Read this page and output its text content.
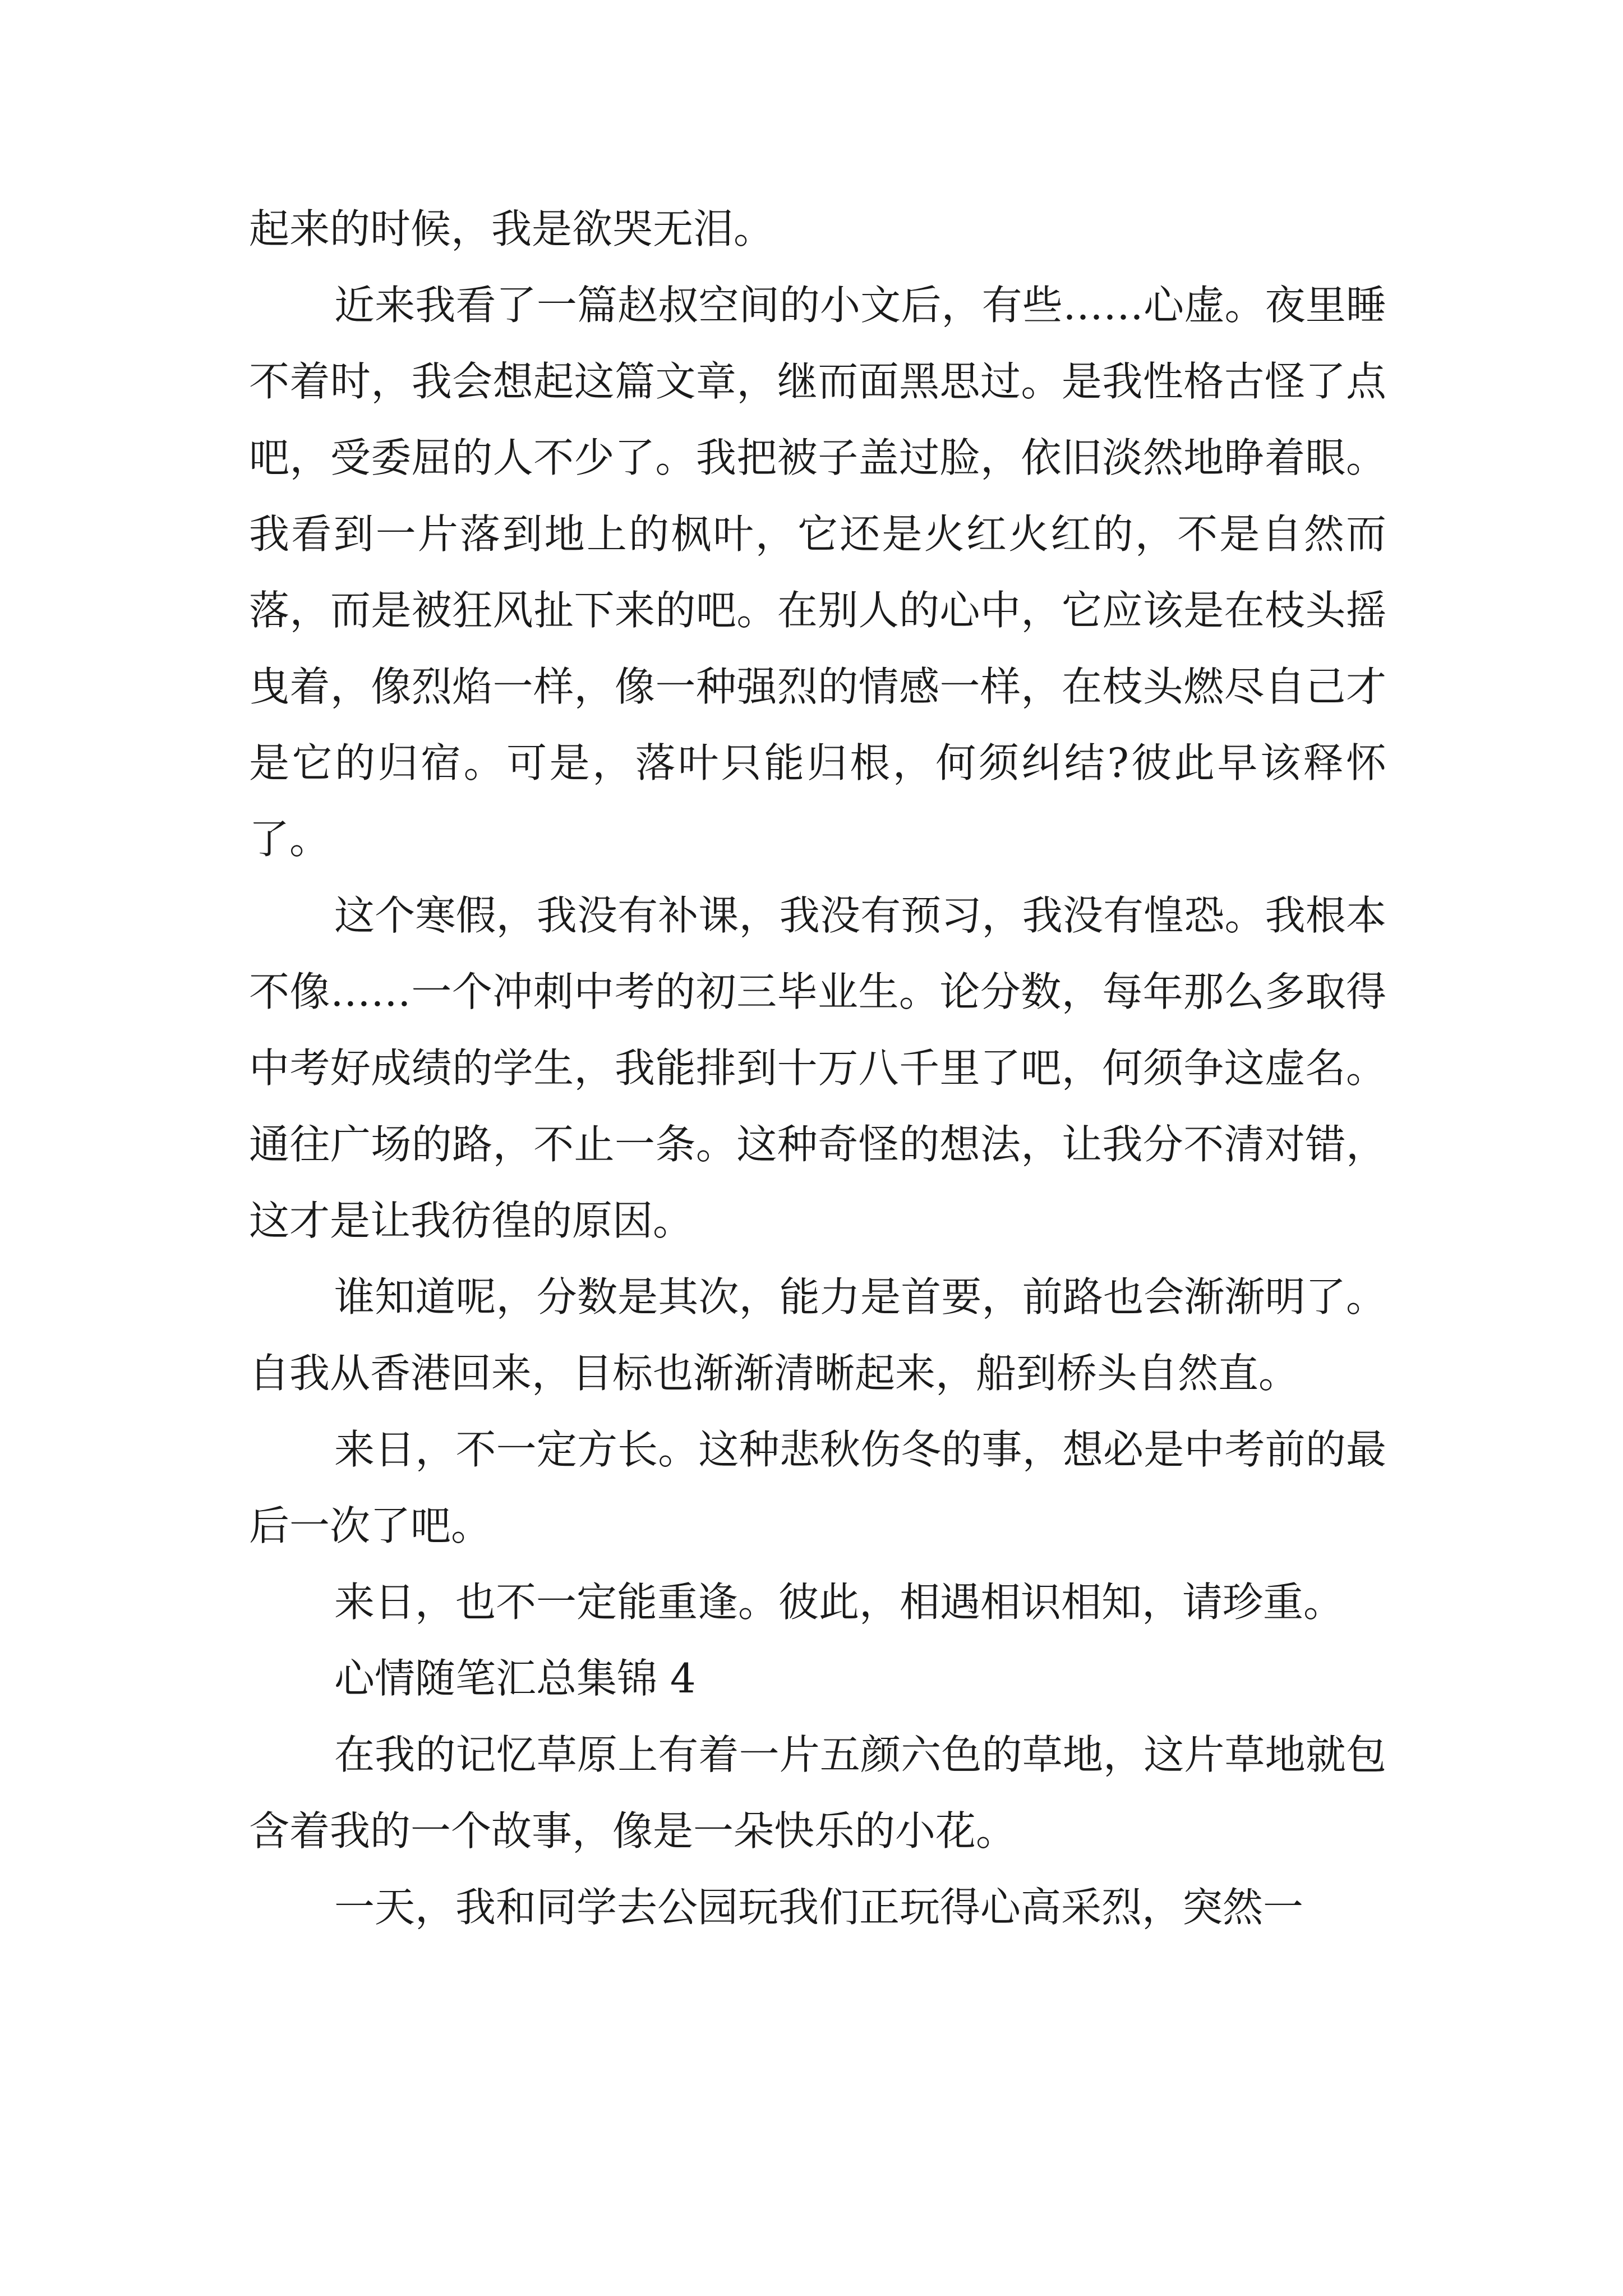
起来的时候，我是欲哭无泪。

近来我看了一篇赵叔空间的小文后，有些……心虚。夜里睡不着时，我会想起这篇文章，继而面黑思过。是我性格古怪了点吧，受委屈的人不少了。我把被子盖过脸，依旧淡然地睁着眼。我看到一片落到地上的枫叶，它还是火红火红的，不是自然而落，而是被狂风扯下来的吧。在别人的心中，它应该是在枝头摇曳着，像烈焰一样，像一种强烈的情感一样，在枝头燃尽自己才是它的归宿。可是，落叶只能归根，何须纠结?彼此早该释怀了。

这个寒假，我没有补课，我没有预习，我没有惶恐。我根本不像……一个冲刺中考的初三毕业生。论分数，每年那么多取得中考好成绩的学生，我能排到十万八千里了吧，何须争这虚名。通往广场的路，不止一条。这种奇怪的想法，让我分不清对错，这才是让我彷徨的原因。

谁知道呢，分数是其次，能力是首要，前路也会渐渐明了。自我从香港回来，目标也渐渐清晰起来，船到桥头自然直。

来日，不一定方长。这种悲秋伤冬的事，想必是中考前的最后一次了吧。

来日，也不一定能重逢。彼此，相遇相识相知，请珍重。

心情随笔汇总集锦 4

在我的记忆草原上有着一片五颜六色的草地，这片草地就包含着我的一个故事，像是一朵快乐的小花。

一天，我和同学去公园玩我们正玩得心高采烈，突然一
